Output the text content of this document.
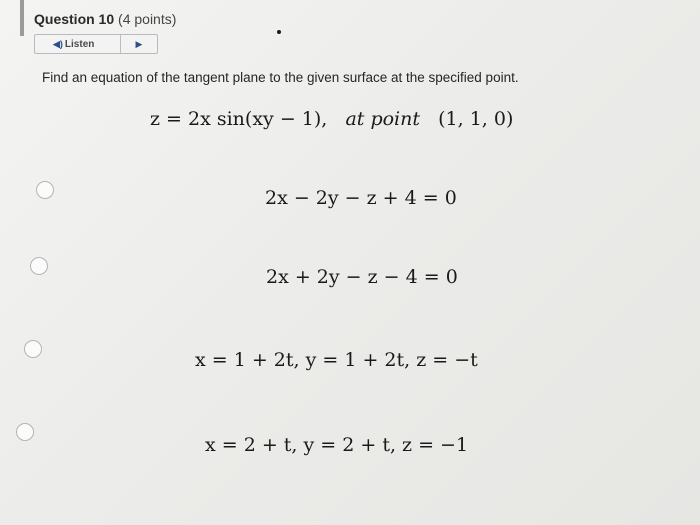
Question 10 (4 points)
◀) Listen	▶
Find an equation of the tangent plane to the given surface at the specified point.
z = 2x sin(xy − 1), at point (1, 1, 0)
2x − 2y − z + 4 = 0
2x + 2y − z − 4 = 0
x = 1 + 2t, y = 1 + 2t, z = −t
x = 2 + t, y = 2 + t, z = −1
